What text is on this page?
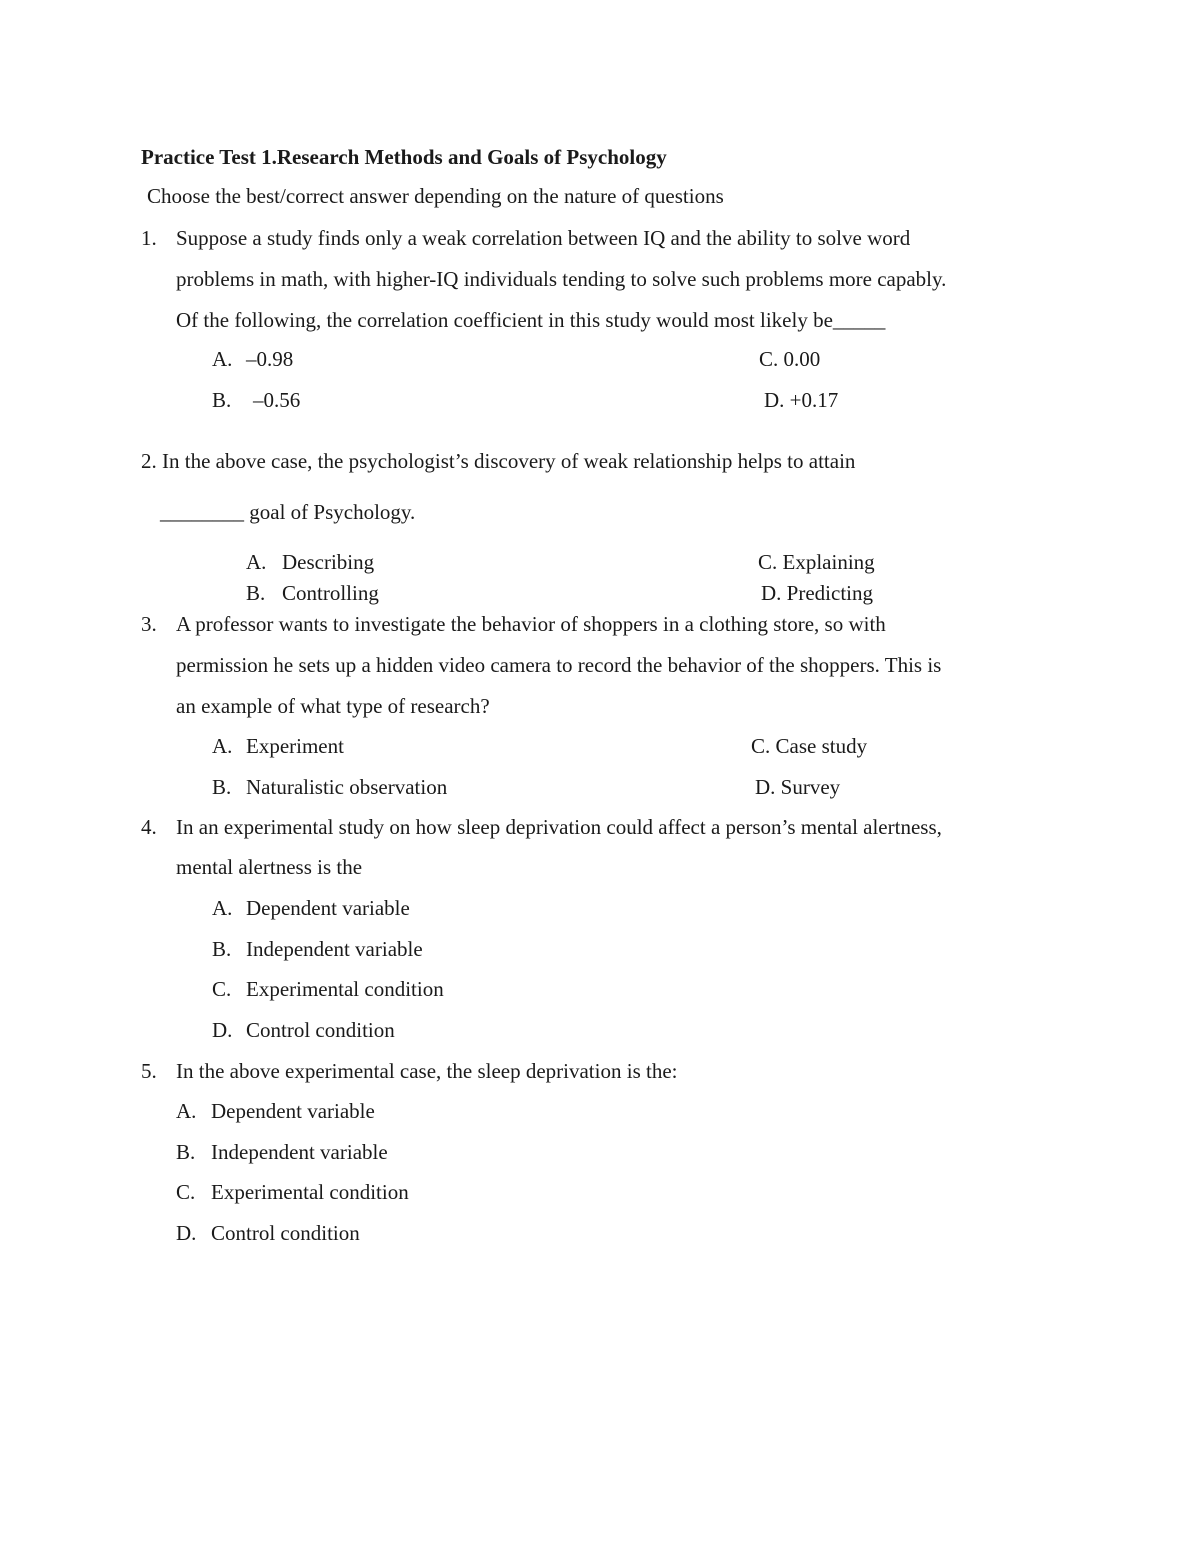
Practice Test 1.Research Methods and Goals of Psychology
Choose the best/correct answer depending on the nature of questions
1. Suppose a study finds only a weak correlation between IQ and the ability to solve word
problems in math, with higher-IQ individuals tending to solve such problems more capably.
Of the following, the correlation coefficient in this study would most likely be_____
A. –0.98	C. 0.00
B. –0.56	D. +0.17
2. In the above case, the psychologist’s discovery of weak relationship helps to attain
________ goal of Psychology.
A. Describing	C. Explaining
B. Controlling	D. Predicting
3. A professor wants to investigate the behavior of shoppers in a clothing store, so with
permission he sets up a hidden video camera to record the behavior of the shoppers. This is
an example of what type of research?
A. Experiment	C. Case study
B. Naturalistic observation	D. Survey
4. In an experimental study on how sleep deprivation could affect a person’s mental alertness,
mental alertness is the
A. Dependent variable
B. Independent variable
C. Experimental condition
D. Control condition
5. In the above experimental case, the sleep deprivation is the:
A. Dependent variable
B. Independent variable
C. Experimental condition
D. Control condition
